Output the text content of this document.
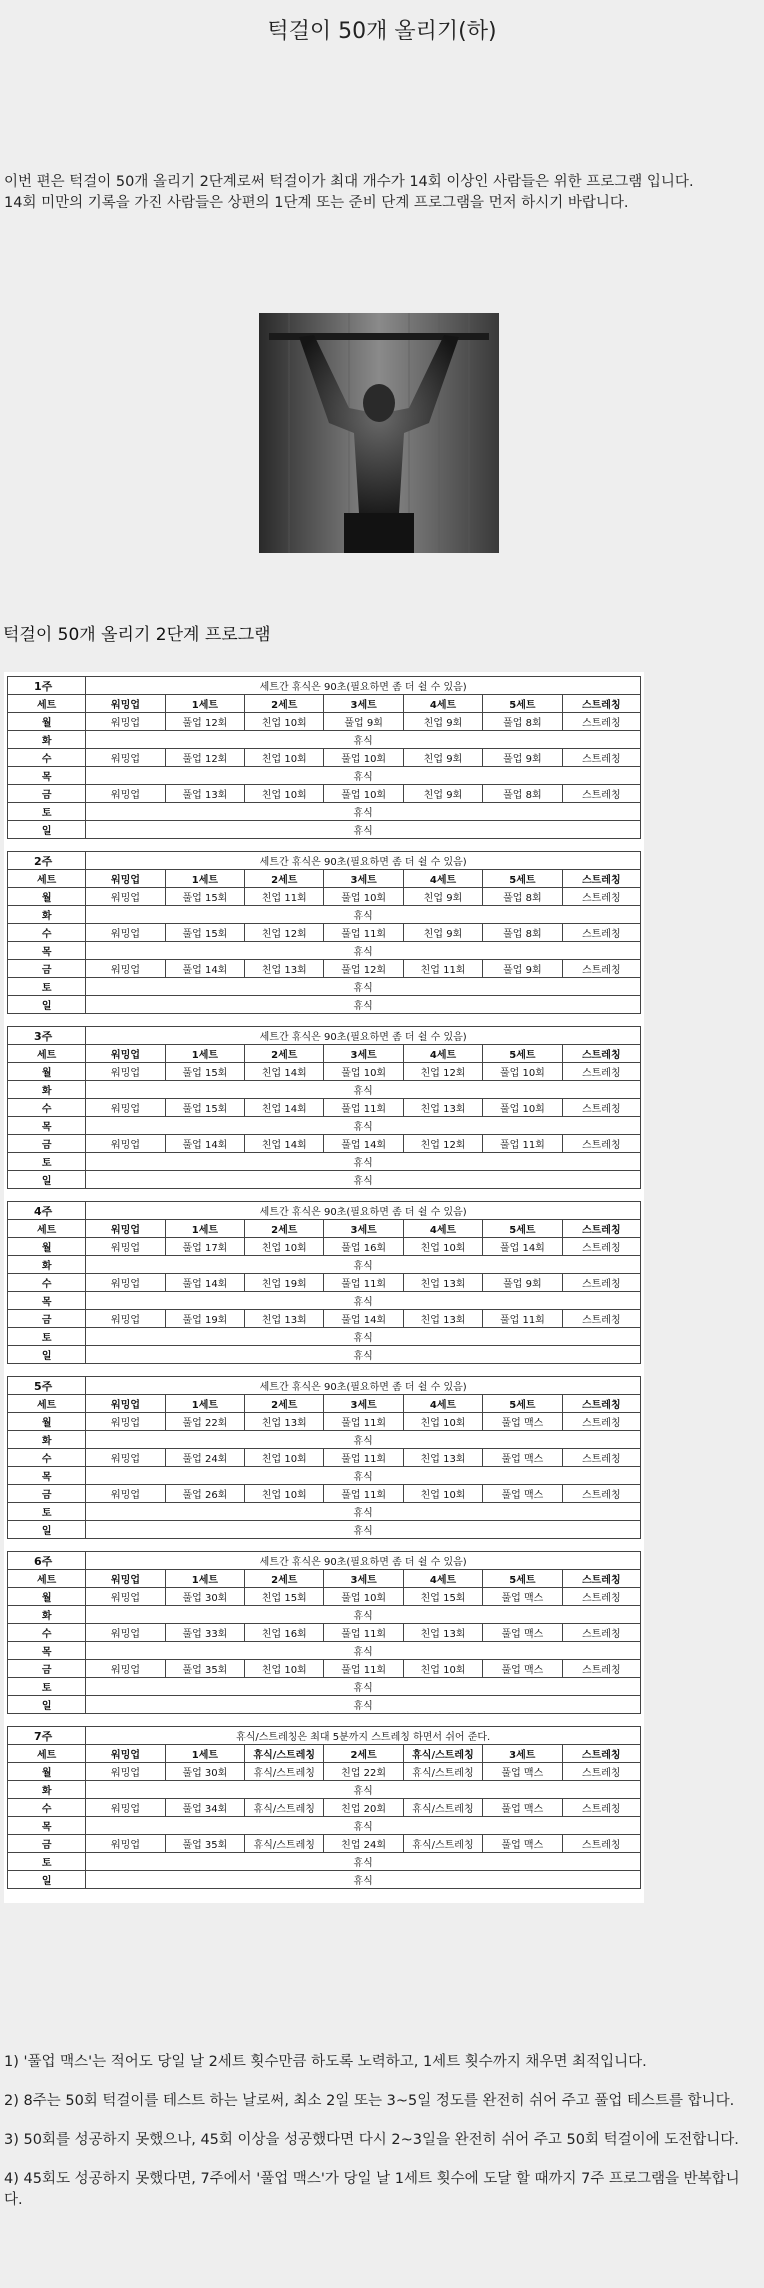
턱걸이 50개 올리기(하)
이번 편은 턱걸이 50개 올리기 2단계로써 턱걸이가 최대 개수가 14회 이상인 사람들은 위한 프로그램 입니다.
14회 미만의 기록을 가진 사람들은 상편의 1단계 또는 준비 단계 프로그램을 먼저 하시기 바랍니다.
턱걸이 50개 올리기 2단계 프로그램
1주	세트간 휴식은 90초(필요하면 좀 더 쉴 수 있음)						
세트	워밍업	1세트	2세트	3세트	4세트	5세트	스트레칭
월	워밍업	풀업 12회	친업 10회	풀업 9회	친업 9회	풀업 8회	스트레칭
화	휴식						
수	워밍업	풀업 12회	친업 10회	풀업 10회	친업 9회	풀업 9회	스트레칭
목	휴식						
금	워밍업	풀업 13회	친업 10회	풀업 10회	친업 9회	풀업 8회	스트레칭
토	휴식						
일	휴식						
2주	세트간 휴식은 90초(필요하면 좀 더 쉴 수 있음)						
세트	워밍업	1세트	2세트	3세트	4세트	5세트	스트레칭
월	워밍업	풀업 15회	친업 11회	풀업 10회	친업 9회	풀업 8회	스트레칭
화	휴식						
수	워밍업	풀업 15회	친업 12회	풀업 11회	친업 9회	풀업 8회	스트레칭
목	휴식						
금	워밍업	풀업 14회	친업 13회	풀업 12회	친업 11회	풀업 9회	스트레칭
토	휴식						
일	휴식						
3주	세트간 휴식은 90초(필요하면 좀 더 쉴 수 있음)						
세트	워밍업	1세트	2세트	3세트	4세트	5세트	스트레칭
월	워밍업	풀업 15회	친업 14회	풀업 10회	친업 12회	풀업 10회	스트레칭
화	휴식						
수	워밍업	풀업 15회	친업 14회	풀업 11회	친업 13회	풀업 10회	스트레칭
목	휴식						
금	워밍업	풀업 14회	친업 14회	풀업 14회	친업 12회	풀업 11회	스트레칭
토	휴식						
일	휴식						
4주	세트간 휴식은 90초(필요하면 좀 더 쉴 수 있음)						
세트	워밍업	1세트	2세트	3세트	4세트	5세트	스트레칭
월	워밍업	풀업 17회	친업 10회	풀업 16회	친업 10회	풀업 14회	스트레칭
화	휴식						
수	워밍업	풀업 14회	친업 19회	풀업 11회	친업 13회	풀업 9회	스트레칭
목	휴식						
금	워밍업	풀업 19회	친업 13회	풀업 14회	친업 13회	풀업 11회	스트레칭
토	휴식						
일	휴식						
5주	세트간 휴식은 90초(필요하면 좀 더 쉴 수 있음)						
세트	워밍업	1세트	2세트	3세트	4세트	5세트	스트레칭
월	워밍업	풀업 22회	친업 13회	풀업 11회	친업 10회	풀업 맥스	스트레칭
화	휴식						
수	워밍업	풀업 24회	친업 10회	풀업 11회	친업 13회	풀업 맥스	스트레칭
목	휴식						
금	워밍업	풀업 26회	친업 10회	풀업 11회	친업 10회	풀업 맥스	스트레칭
토	휴식						
일	휴식						
6주	세트간 휴식은 90초(필요하면 좀 더 쉴 수 있음)						
세트	워밍업	1세트	2세트	3세트	4세트	5세트	스트레칭
월	워밍업	풀업 30회	친업 15회	풀업 10회	친업 15회	풀업 맥스	스트레칭
화	휴식						
수	워밍업	풀업 33회	친업 16회	풀업 11회	친업 13회	풀업 맥스	스트레칭
목	휴식						
금	워밍업	풀업 35회	친업 10회	풀업 11회	친업 10회	풀업 맥스	스트레칭
토	휴식						
일	휴식						
7주	휴식/스트레칭은 최대 5분까지 스트레칭 하면서 쉬어 준다.						
세트	워밍업	1세트	휴식/스트레칭	2세트	휴식/스트레칭	3세트	스트레칭
월	워밍업	풀업 30회	휴식/스트레칭	친업 22회	휴식/스트레칭	풀업 맥스	스트레칭
화	휴식						
수	워밍업	풀업 34회	휴식/스트레칭	친업 20회	휴식/스트레칭	풀업 맥스	스트레칭
목	휴식						
금	워밍업	풀업 35회	휴식/스트레칭	친업 24회	휴식/스트레칭	풀업 맥스	스트레칭
토	휴식						
일	휴식						

1) '풀업 맥스'는 적어도 당일 날 2세트 횟수만큼 하도록 노력하고, 1세트 횟수까지 채우면 최적입니다.

2) 8주는 50회 턱걸이를 테스트 하는 날로써, 최소 2일 또는 3~5일 정도를 완전히 쉬어 주고 풀업 테스트를 합니다.

3) 50회를 성공하지 못했으나, 45회 이상을 성공했다면 다시 2~3일을 완전히 쉬어 주고 50회 턱걸이에 도전합니다.

4) 45회도 성공하지 못했다면, 7주에서 '풀업 맥스'가 당일 날 1세트 횟수에 도달 할 때까지 7주 프로그램을 반복합니다.
